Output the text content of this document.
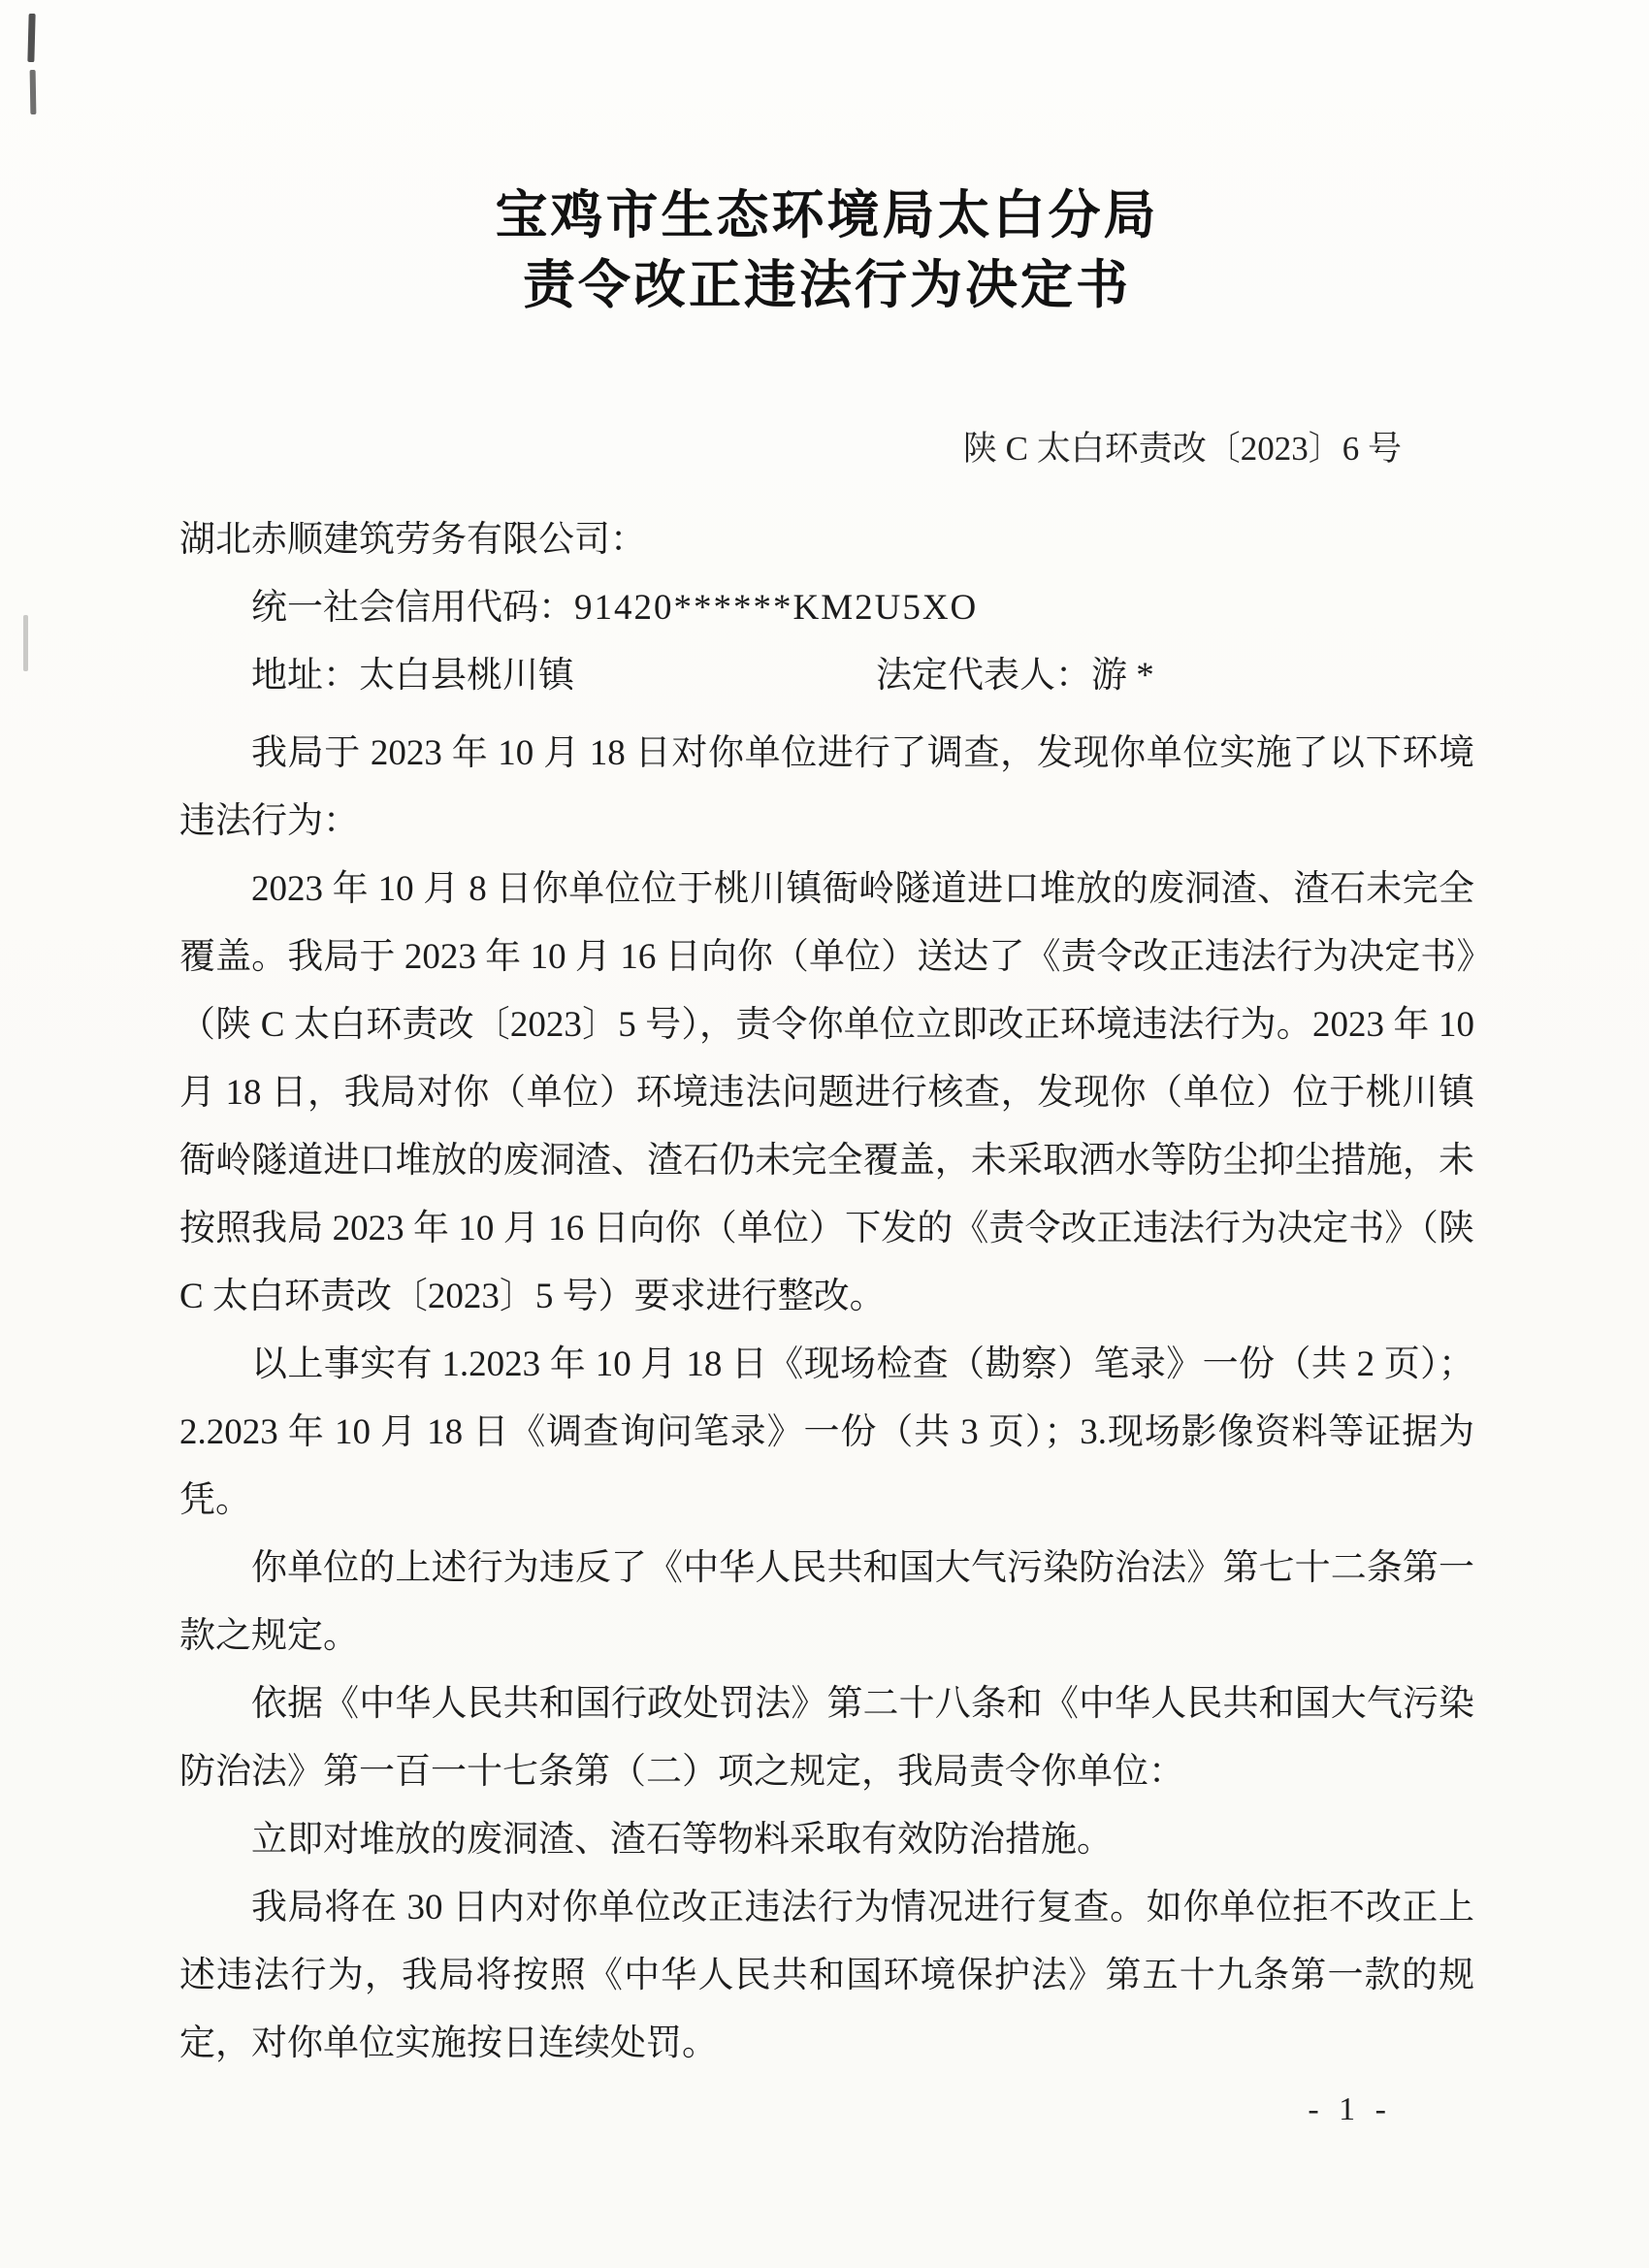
宝鸡市生态环境局太白分局
责令改正违法行为决定书
陕 C 太白环责改〔2023〕6 号
湖北赤顺建筑劳务有限公司：
统一社会信用代码：91420******KM2U5XO
地址：太白县桃川镇	法定代表人：游 *

我局于 2023 年 10 月 18 日对你单位进行了调查，发现你单位实施了以下环境违法行为：

2023 年 10 月 8 日你单位位于桃川镇衙岭隧道进口堆放的废洞渣、渣石未完全覆盖。我局于 2023 年 10 月 16 日向你（单位）送达了《责令改正违法行为决定书》（陕 C 太白环责改〔2023〕5 号），责令你单位立即改正环境违法行为。2023 年 10 月 18 日，我局对你（单位）环境违法问题进行核查，发现你（单位）位于桃川镇衙岭隧道进口堆放的废洞渣、渣石仍未完全覆盖，未采取洒水等防尘抑尘措施，未按照我局 2023 年 10 月 16 日向你（单位）下发的《责令改正违法行为决定书》（陕 C 太白环责改〔2023〕5 号）要求进行整改。

以上事实有 1.2023 年 10 月 18 日《现场检查（勘察）笔录》一份（共 2 页）；2.2023 年 10 月 18 日《调查询问笔录》一份（共 3 页）；3.现场影像资料等证据为凭。

你单位的上述行为违反了《中华人民共和国大气污染防治法》第七十二条第一款之规定。

依据《中华人民共和国行政处罚法》第二十八条和《中华人民共和国大气污染防治法》第一百一十七条第（二）项之规定，我局责令你单位：

立即对堆放的废洞渣、渣石等物料采取有效防治措施。

我局将在 30 日内对你单位改正违法行为情况进行复查。如你单位拒不改正上述违法行为，我局将按照《中华人民共和国环境保护法》第五十九条第一款的规定，对你单位实施按日连续处罚。

- 1 -
